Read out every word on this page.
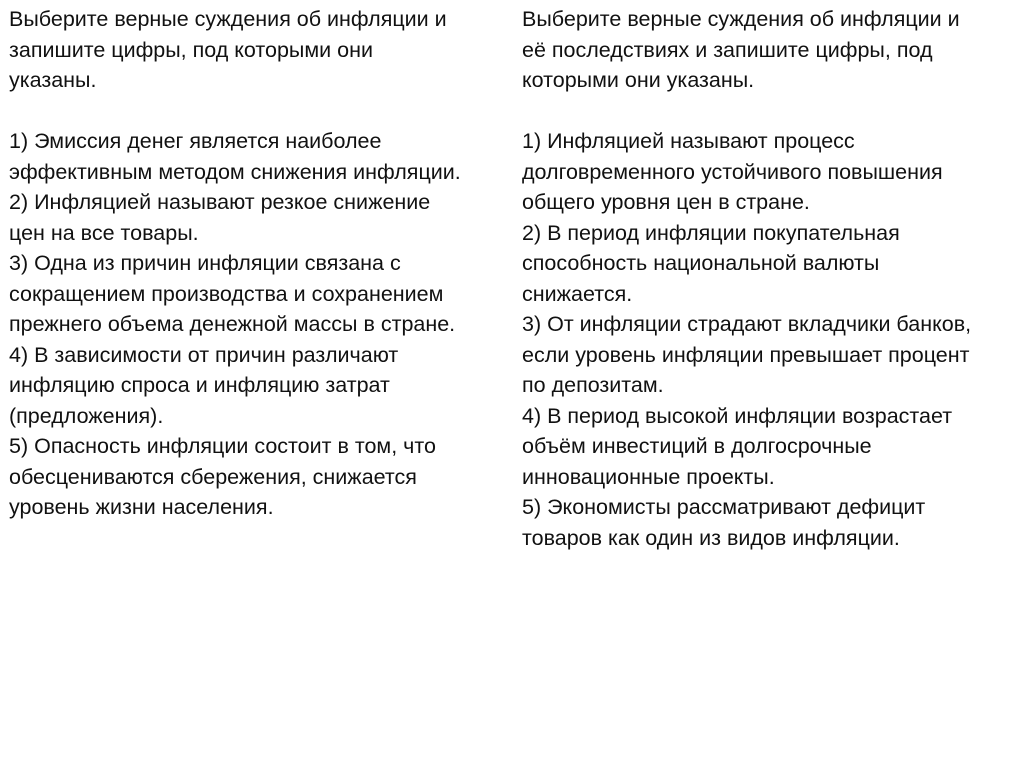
Выберите верные суждения об инфляции и
запишите цифры, под которыми они
указаны.
1) Эмиссия денег является наиболее
эффективным методом снижения инфляции.
2) Инфляцией называют резкое снижение
цен на все товары.
3) Одна из причин инфляции связана с
сокращением производства и сохранением
прежнего объема денежной массы в стране.
4) В зависимости от причин различают
инфляцию спроса и инфляцию затрат
(предложения).
5) Опасность инфляции состоит в том, что
обесцениваются сбережения, снижается
уровень жизни населения.
Выберите верные суждения об инфляции и
её последствиях и запишите цифры, под
которыми они указаны.
1) Инфляцией называют процесс
долговременного устойчивого повышения
общего уровня цен в стране.
2) В период инфляции покупательная
способность национальной валюты
снижается.
3) От инфляции страдают вкладчики банков,
если уровень инфляции превышает процент
по депозитам.
4) В период высокой инфляции возрастает
объём инвестиций в долгосрочные
инновационные проекты.
5) Экономисты рассматривают дефицит
товаров как один из видов инфляции.
